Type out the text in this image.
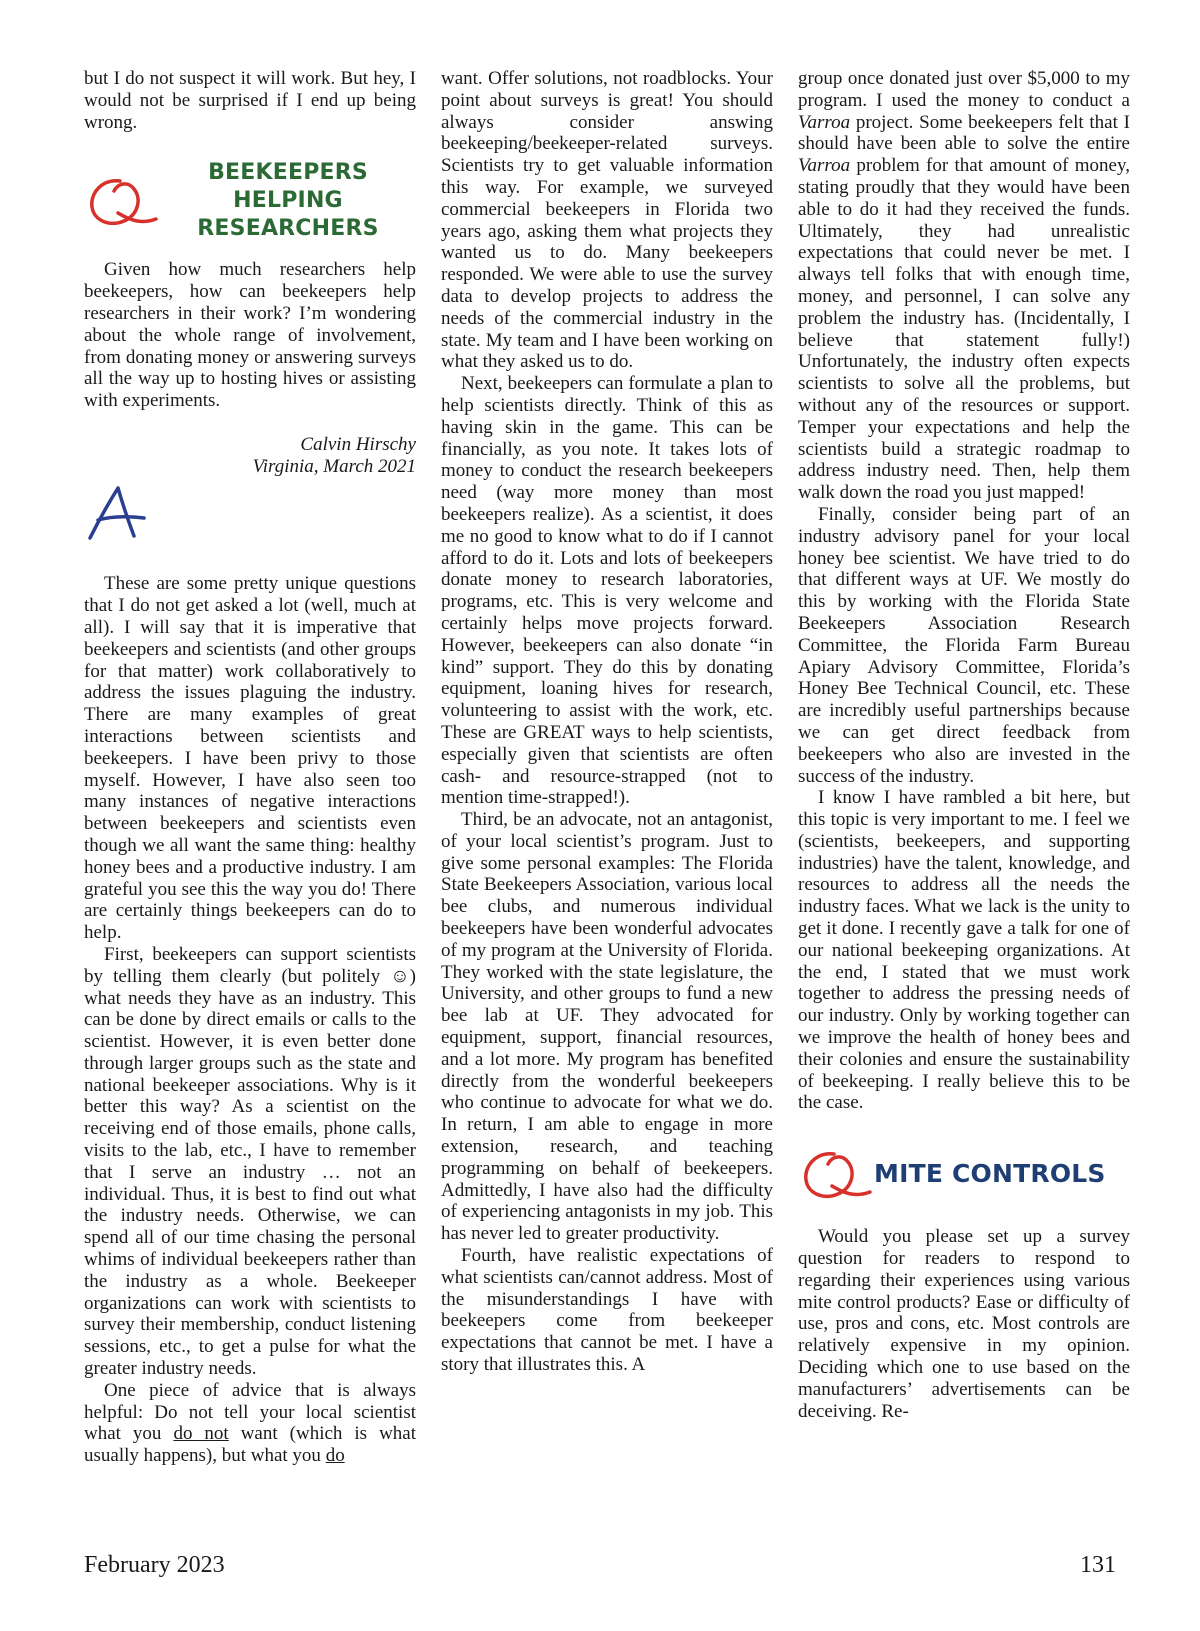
but I do not suspect it will work. But hey, I would not be surprised if I end up being wrong.

BEEKEEPERS HELPING
RESEARCHERS

Given how much researchers help beekeepers, how can beekeepers help researchers in their work? I’m wondering about the whole range of involvement, from donating money or answering surveys all the way up to hosting hives or assisting with experiments.

Calvin Hirschy
Virginia, March 2021

These are some pretty unique questions that I do not get asked a lot (well, much at all). I will say that it is imperative that beekeepers and scientists (and other groups for that matter) work collaboratively to address the issues plaguing the industry. There are many examples of great interactions between scientists and beekeepers. I have been privy to those myself. However, I have also seen too many instances of negative interactions between beekeepers and scientists even though we all want the same thing: healthy honey bees and a productive industry. I am grateful you see this the way you do! There are certainly things beekeepers can do to help.

First, beekeepers can support scientists by telling them clearly (but politely ☺) what needs they have as an industry. This can be done by direct emails or calls to the scientist. However, it is even better done through larger groups such as the state and national beekeeper associations. Why is it better this way? As a scientist on the receiving end of those emails, phone calls, visits to the lab, etc., I have to remember that I serve an industry … not an individual. Thus, it is best to find out what the industry needs. Otherwise, we can spend all of our time chasing the personal whims of individual beekeepers rather than the industry as a whole. Beekeeper organizations can work with scientists to survey their membership, conduct listening sessions, etc., to get a pulse for what the greater industry needs.

One piece of advice that is always helpful: Do not tell your local scientist what you do not want (which is what usually happens), but what you do

want. Offer solutions, not roadblocks. Your point about surveys is great! You should always consider answing beekeeping/beekeeper-related surveys. Scientists try to get valuable information this way. For example, we surveyed commercial beekeepers in Florida two years ago, asking them what projects they wanted us to do. Many beekeepers responded. We were able to use the survey data to develop projects to address the needs of the commercial industry in the state. My team and I have been working on what they asked us to do.

Next, beekeepers can formulate a plan to help scientists directly. Think of this as having skin in the game. This can be financially, as you note. It takes lots of money to conduct the research beekeepers need (way more money than most beekeepers realize). As a scientist, it does me no good to know what to do if I cannot afford to do it. Lots and lots of beekeepers donate money to research laboratories, programs, etc. This is very welcome and certainly helps move projects forward. However, beekeepers can also donate “in kind” support. They do this by donating equipment, loaning hives for research, volunteering to assist with the work, etc. These are GREAT ways to help scientists, especially given that scientists are often cash- and resource-strapped (not to mention time-strapped!).

Third, be an advocate, not an antagonist, of your local scientist’s program. Just to give some personal examples: The Florida State Beekeepers Association, various local bee clubs, and numerous individual beekeepers have been wonderful advocates of my program at the University of Florida. They worked with the state legislature, the University, and other groups to fund a new bee lab at UF. They advocated for equipment, support, financial resources, and a lot more. My program has benefited directly from the wonderful beekeepers who continue to advocate for what we do. In return, I am able to engage in more extension, research, and teaching programming on behalf of beekeepers. Admittedly, I have also had the difficulty of experiencing antagonists in my job. This has never led to greater productivity.

Fourth, have realistic expectations of what scientists can/cannot address. Most of the misunderstandings I have with beekeepers come from beekeeper expectations that cannot be met. I have a story that illustrates this. A

group once donated just over $5,000 to my program. I used the money to conduct a Varroa project. Some beekeepers felt that I should have been able to solve the entire Varroa problem for that amount of money, stating proudly that they would have been able to do it had they received the funds. Ultimately, they had unrealistic expectations that could never be met. I always tell folks that with enough time, money, and personnel, I can solve any problem the industry has. (Incidentally, I believe that statement fully!) Unfortunately, the industry often expects scientists to solve all the problems, but without any of the resources or support. Temper your expectations and help the scientists build a strategic roadmap to address industry need. Then, help them walk down the road you just mapped!

Finally, consider being part of an industry advisory panel for your local honey bee scientist. We have tried to do that different ways at UF. We mostly do this by working with the Florida State Beekeepers Association Research Committee, the Florida Farm Bureau Apiary Advisory Committee, Florida’s Honey Bee Technical Council, etc. These are incredibly useful partnerships because we can get direct feedback from beekeepers who also are invested in the success of the industry.

I know I have rambled a bit here, but this topic is very important to me. I feel we (scientists, beekeepers, and supporting industries) have the talent, knowledge, and resources to address all the needs the industry faces. What we lack is the unity to get it done. I recently gave a talk for one of our national beekeeping organizations. At the end, I stated that we must work together to address the pressing needs of our industry. Only by working together can we improve the health of honey bees and their colonies and ensure the sustainability of beekeeping. I really believe this to be the case.

MITE CONTROLS

Would you please set up a survey question for readers to respond to regarding their experiences using various mite control products? Ease or difficulty of use, pros and cons, etc. Most controls are relatively expensive in my opinion. Deciding which one to use based on the manufacturers’ advertisements can be deceiving. Re-

February 2023	131
